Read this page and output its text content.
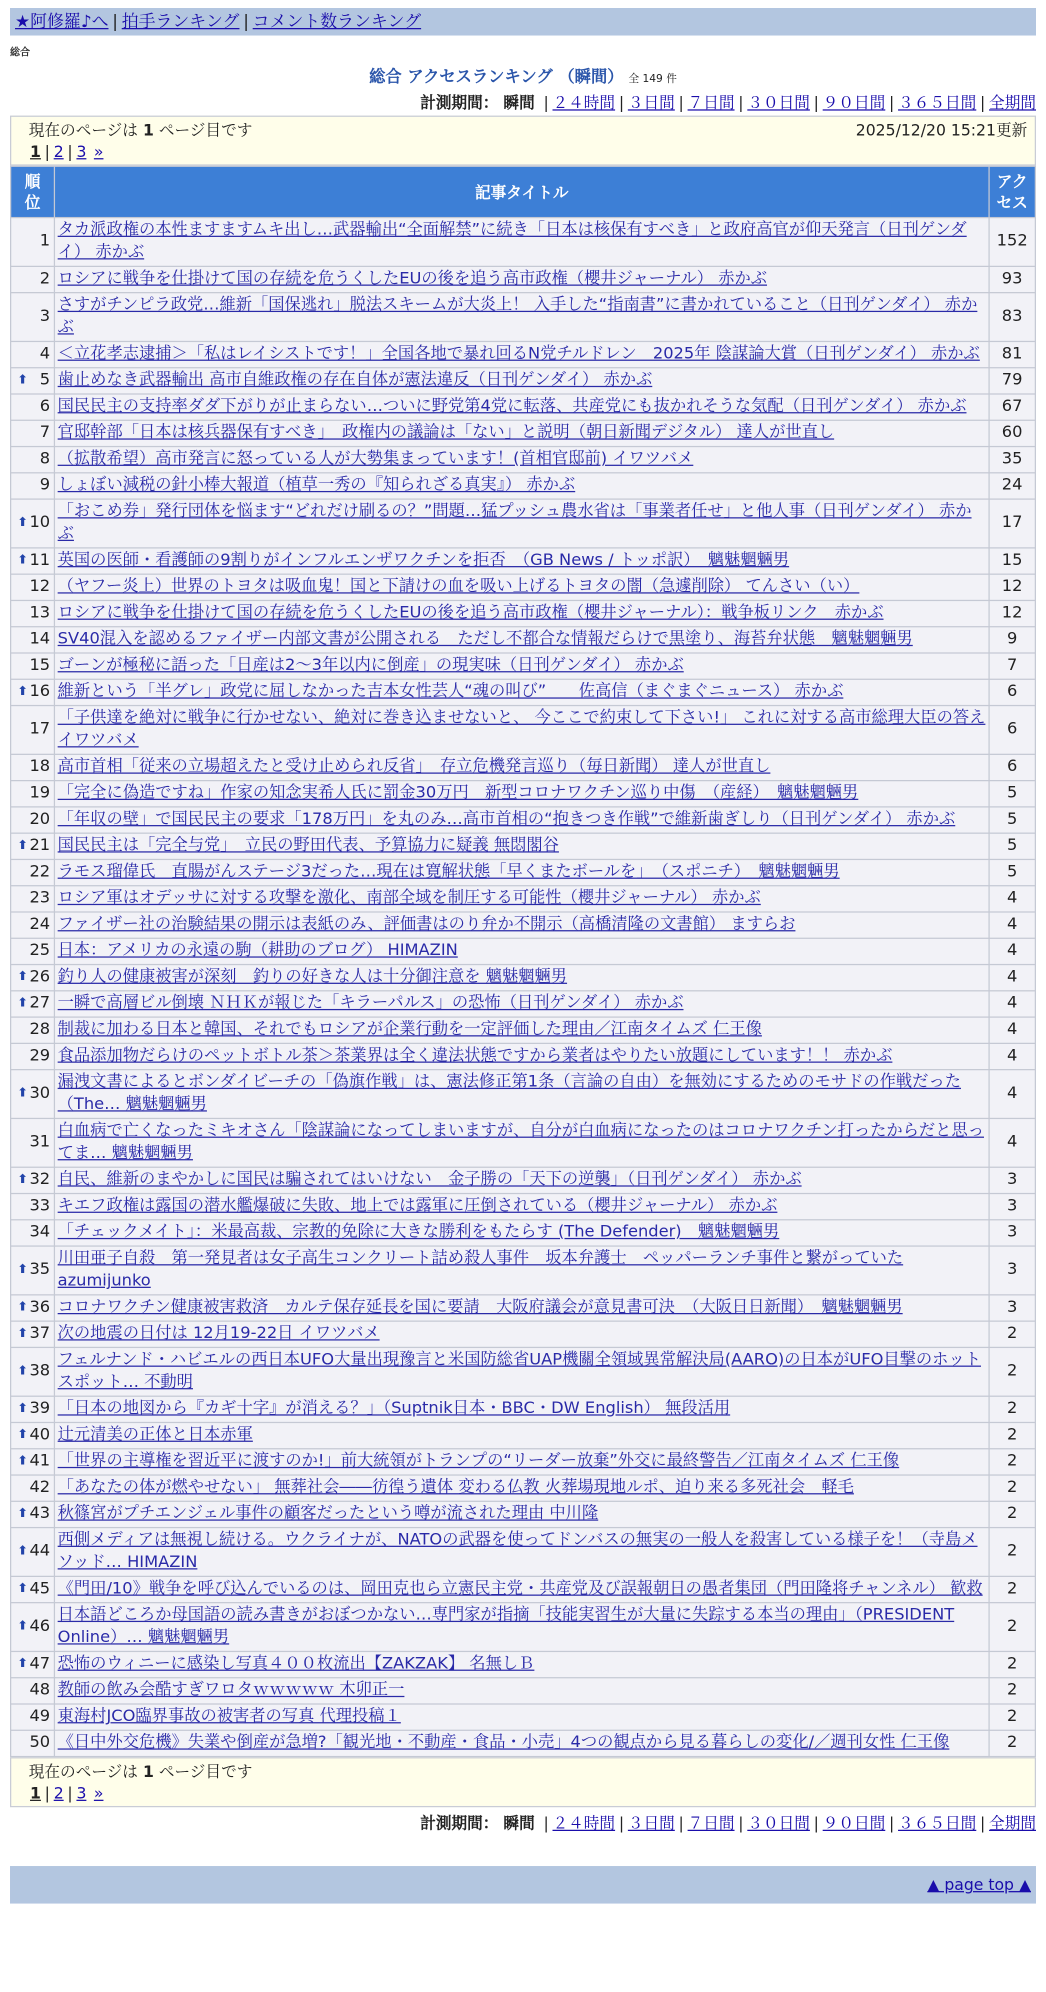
★阿修羅♪へ | 拍手ランキング | コメント数ランキング
総合
総合 アクセスランキング （瞬間） 全 149 件
計測期間： 瞬間 | ２４時間 | ３日間 | ７日間 | ３０日間 | ９０日間 | ３６５日間 | 全期間
現在のページは 1 ページ目です	2025/12/20 15:21更新
1 | 2 | 3 »
順位	記事タイトル	アクセス
1	タカ派政権の本性ますますムキ出し…武器輸出“全面解禁”に続き「日本は核保有すべき」と政府高官が仰天発言（日刊ゲンダイ） 赤かぶ	152
2	ロシアに戦争を仕掛けて国の存続を危うくしたEUの後を追う高市政権（櫻井ジャーナル） 赤かぶ	93
3	さすがチンピラ政党…維新「国保逃れ」脱法スキームが大炎上！ 入手した“指南書”に書かれていること（日刊ゲンダイ） 赤かぶ	83
4	＜立花孝志逮捕＞「私はレイシストです！」全国各地で暴れ回るN党チルドレン　2025年 陰謀論大賞（日刊ゲンダイ） 赤かぶ	81

⬆ 5	歯止めなき武器輸出 高市自維政権の存在自体が憲法違反（日刊ゲンダイ） 赤かぶ	79
6	国民民主の支持率ダダ下がりが止まらない…ついに野党第4党に転落、共産党にも抜かれそうな気配（日刊ゲンダイ） 赤かぶ	67
7	官邸幹部「日本は核兵器保有すべき」　政権内の議論は「ない」と説明（朝日新聞デジタル） 達人が世直し	60
8	（拡散希望）高市発言に怒っている人が大勢集まっています！(首相官邸前) イワツバメ	35
9	しょぼい減税の針小棒大報道（植草一秀の『知られざる真実』） 赤かぶ	24

⬆ 10	「おこめ券」発行団体を悩ます“どれだけ刷るの？”問題…猛プッシュ農水省は「事業者任せ」と他人事（日刊ゲンダイ） 赤かぶ	17

⬆ 11	英国の医師・看護師の9割りがインフルエンザワクチンを拒否　（GB News / トッポ訳）　魑魅魍魎男	15
12	（ヤフー炎上）世界のトヨタは吸血鬼！国と下請けの血を吸い上げるトヨタの闇（急遽削除） てんさい（い）	12
13	ロシアに戦争を仕掛けて国の存続を危うくしたEUの後を追う高市政権（櫻井ジャーナル）：戦争板リンク　赤かぶ	12
14	SV40混入を認めるファイザー内部文書が公開される　ただし不都合な情報だらけで黒塗り、海苔弁状態　魑魅魍魎男	9
15	ゴーンが極秘に語った「日産は2～3年以内に倒産」の現実味（日刊ゲンダイ） 赤かぶ	7

⬆ 16	維新という「半グレ」政党に屈しなかった吉本女性芸人“魂の叫び”　　佐高信（まぐまぐニュース） 赤かぶ	6
17	「子供達を絶対に戦争に行かせない、絶対に巻き込ませないと、 今ここで約束して下さい!」 これに対する高市総理大臣の答え イワツバメ	6
18	高市首相「従来の立場超えたと受け止められ反省」　存立危機発言巡り（毎日新聞） 達人が世直し	6
19	「完全に偽造ですね」作家の知念実希人氏に罰金30万円　新型コロナワクチン巡り中傷　（産経）　魑魅魍魎男	5
20	「年収の壁」で国民民主の要求「178万円」を丸のみ…高市首相の“抱きつき作戦”で維新歯ぎしり（日刊ゲンダイ） 赤かぶ	5

⬆ 21	国民民主は「完全与党」　立民の野田代表、予算協力に疑義 無悶閣谷	5
22	ラモス瑠偉氏　直腸がんステージ3だった…現在は寛解状態「早くまたボールを」　（スポニチ）　魑魅魍魎男	5
23	ロシア軍はオデッサに対する攻撃を激化、南部全域を制圧する可能性（櫻井ジャーナル） 赤かぶ	4
24	ファイザー社の治験結果の開示は表紙のみ、評価書はのり弁か不開示（高橋清隆の文書館） ますらお	4
25	日本：アメリカの永遠の駒（耕助のブログ） HIMAZIN	4

⬆ 26	釣り人の健康被害が深刻　釣りの好きな人は十分御注意を 魑魅魍魎男	4

⬆ 27	一瞬で高層ビル倒壊 ＮＨＫが報じた「キラーパルス」の恐怖（日刊ゲンダイ） 赤かぶ	4
28	制裁に加わる日本と韓国、それでもロシアが企業行動を一定評価した理由／江南タイムズ 仁王像	4
29	食品添加物だらけのペットボトル茶＞茶業界は全く違法状態ですから業者はやりたい放題にしています！！ 赤かぶ	4

⬆ 30	漏洩文書によるとボンダイビーチの「偽旗作戦」は、憲法修正第1条（言論の自由）を無効にするためのモサドの作戦だった（The… 魑魅魍魎男	4
31	白血病で亡くなったミキオさん「陰謀論になってしまいますが、自分が白血病になったのはコロナワクチン打ったからだと思ってま… 魑魅魍魎男	4

⬆ 32	自民、維新のまやかしに国民は騙されてはいけない　金子勝の「天下の逆襲」（日刊ゲンダイ） 赤かぶ	3
33	キエフ政権は露国の潜水艦爆破に失敗、地上では露軍に圧倒されている（櫻井ジャーナル） 赤かぶ	3
34	「チェックメイト」：米最高裁、宗教的免除に大きな勝利をもたらす (The Defender)　魑魅魍魎男	3

⬆ 35	川田亜子自殺　第一発見者は女子高生コンクリート詰め殺人事件　坂本弁護士　ペッパーランチ事件と繋がっていた azumijunko	3

⬆ 36	コロナワクチン健康被害救済　カルテ保存延長を国に要請　大阪府議会が意見書可決　（大阪日日新聞）　魑魅魍魎男	3

⬆ 37	次の地震の日付は 12月19-22日 イワツバメ	2

⬆ 38	フェルナンド・ハビエルの西日本UFO大量出現豫言と米国防総省UAP機關全領域異常解決局(AARO)の日本がUFO目撃のホットスポット… 不動明	2

⬆ 39	「日本の地図から『カギ十字』が消える？」（Suptnik日本・BBC・DW English） 無段活用	2

⬆ 40	辻元清美の正体と日本赤軍	2

⬆ 41	「世界の主導権を習近平に渡すのか!」前大統領がトランプの“リーダー放棄”外交に最終警告／江南タイムズ 仁王像	2
42	「あなたの体が燃やせない」 無葬社会――彷徨う遺体 変わる仏教 火葬場現地ルポ、迫り来る多死社会　軽毛	2

⬆ 43	秋篠宮がプチエンジェル事件の顧客だったという噂が流された理由 中川隆	2

⬆ 44	西側メディアは無視し続ける。ウクライナが、NATOの武器を使ってドンバスの無実の一般人を殺害している様子を！（寺島メソッド… HIMAZIN	2

⬆ 45	《門田/10》戦争を呼び込んでいるのは、岡田克也ら立憲民主党・共産党及び誤報朝日の愚者集団（門田隆将チャンネル） 歓救	2

⬆ 46	日本語どころか母国語の読み書きがおぼつかない…専門家が指摘「技能実習生が大量に失踪する本当の理由」（PRESIDENT Online）… 魑魅魍魎男	2

⬆ 47	恐怖のウィニーに感染し写真４００枚流出【ZAKZAK】 名無しＢ	2
48	教師の飲み会酷すぎワロタｗｗｗｗｗ 木卯正一	2
49	東海村JCO臨界事故の被害者の写真 代理投稿１	2
50	《日中外交危機》失業や倒産が急増?「観光地・不動産・食品・小売」4つの観点から見る暮らしの変化/／週刊女性 仁王像	2
現在のページは 1 ページ目です
1 | 2 | 3 »
計測期間： 瞬間 | ２４時間 | ３日間 | ７日間 | ３０日間 | ９０日間 | ３６５日間 | 全期間
▲ page top ▲
